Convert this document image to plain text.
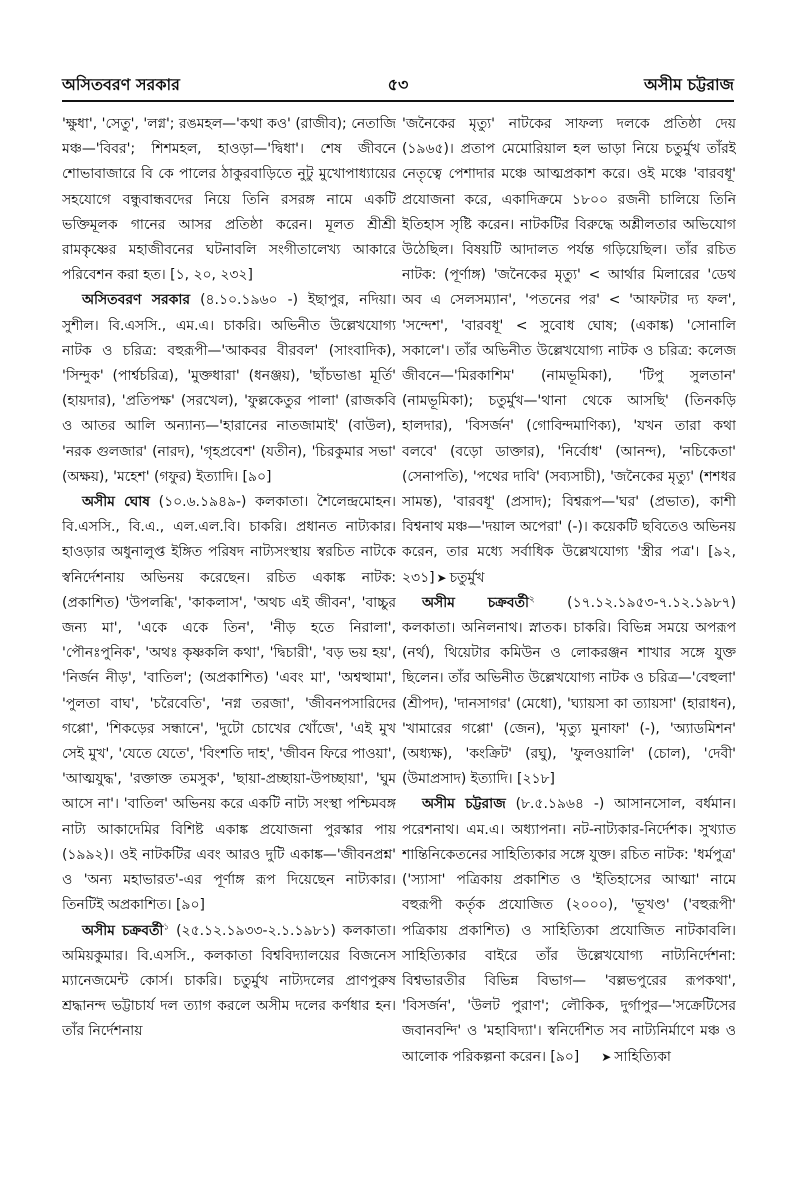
অসিতবরণ সরকার	৫৩	অসীম চট্টরাজ

'ক্ষুধা', 'সেতু', 'লগ্ন'; রঙমহল—'কথা কও' (রাজীব); নেতাজি মঞ্চ—'বিবর'; শিশমহল, হাওড়া—'দ্বিধা'। শেষ জীবনে শোভাবাজারে বি কে পালের ঠাকুরবাড়িতে নুটু মুখোপাধ্যায়ের সহযোগে বন্ধুবান্ধবদের নিয়ে তিনি রসরঙ্গ নামে একটি ভক্তিমূলক গানের আসর প্রতিষ্ঠা করেন। মূলত শ্রীশ্রী রামকৃষ্ণের মহাজীবনের ঘটনাবলি সংগীতালেখ্য আকারে পরিবেশন করা হত। [১, ২০, ২৩২]

অসিতবরণ সরকার (৪.১০.১৯৬০ -) ইছাপুর, নদিয়া। সুশীল। বি.এসসি., এম.এ। চাকরি। অভিনীত উল্লেখযোগ্য নাটক ও চরিত্র: বহুরূপী—'আকবর বীরবল' (সাংবাদিক), 'সিন্দুক' (পার্শ্বচরিত্র), 'মুক্তধারা' (ধনঞ্জয়), 'ছাঁচভাঙা মূর্তি' (হায়দার), 'প্রতিপক্ষ' (সরখেল), 'ফুল্লকেতুর পালা' (রাজকবি ও আতর আলি অন্যান্য—'হারানের নাতজামাই' (বাউল), 'নরক গুলজার' (নারদ), 'গৃহপ্রবেশ' (যতীন), 'চিরকুমার সভা' (অক্ষয়), 'মহেশ' (গফুর) ইত্যাদি। [৯০]

অসীম ঘোষ (১০.৬.১৯৪৯-) কলকাতা। শৈলেন্দ্রমোহন। বি.এসসি., বি.এ., এল.এল.বি। চাকরি। প্রধানত নাট্যকার। হাওড়ার অধুনালুপ্ত ইঙ্গিত পরিষদ নাট্যসংস্থায় স্বরচিত নাটকে স্বনির্দেশনায় অভিনয় করেছেন। রচিত একাঙ্ক নাটক: (প্রকাশিত) 'উপলব্ধি', 'কাকলাস', 'অথচ এই জীবন', 'বাচ্চুর জন্য মা', 'একে একে তিন', 'নীড় হতে নিরালা', 'পৌনঃপুনিক', 'অথঃ কৃষ্ণকলি কথা', 'দ্বিচারী', 'বড় ভয় হয়', 'নির্জন নীড়', 'বাতিল'; (অপ্রকাশিত) 'এবং মা', 'অশ্বত্থামা', 'পুলতা বাঘ', 'চরৈবেতি', 'নগ্ন তরজা', 'জীবনপসারিদের গপ্পো', 'শিকড়ের সন্ধানে', 'দুটো চোখের খোঁজে', 'এই মুখ সেই মুখ', 'যেতে যেতে', 'বিংশতি দাহ', 'জীবন ফিরে পাওয়া', 'আত্মযুদ্ধ', 'রক্তাক্ত তমসুক', 'ছায়া-প্রচ্ছায়া-উপচ্ছায়া', 'ঘুম আসে না'। 'বাতিল' অভিনয় করে একটি নাট্য সংস্থা পশ্চিমবঙ্গ নাট্য আকাদেমির বিশিষ্ট একাঙ্ক প্রযোজনা পুরস্কার পায় (১৯৯২)। ওই নাটকটির এবং আরও দুটি একাঙ্ক—'জীবনপ্রশ্ন' ও 'অন্য মহাভারত'-এর পূর্ণাঙ্গ রূপ দিয়েছেন নাট্যকার। তিনটিই অপ্রকাশিত। [৯০]

অসীম চক্রবর্তী$^১$ (২৫.১২.১৯৩৩-২.১.১৯৮১) কলকাতা। অমিয়কুমার। বি.এসসি., কলকাতা বিশ্ববিদ্যালয়ের বিজনেস ম্যানেজমেন্ট কোর্স। চাকরি। চতুর্মুখ নাট্যদলের প্রাণপুরুষ শ্রদ্ধানন্দ ভট্টাচার্য দল ত্যাগ করলে অসীম দলের কর্ণধার হন। তাঁর নির্দেশনায়

'জনৈকের মৃত্যু' নাটকের সাফল্য দলকে প্রতিষ্ঠা দেয় (১৯৬৫)। প্রতাপ মেমোরিয়াল হল ভাড়া নিয়ে চতুর্মুখ তাঁরই নেতৃত্বে পেশাদার মঞ্চে আত্মপ্রকাশ করে। ওই মঞ্চে 'বারবধূ' প্রযোজনা করে, একাদিক্রমে ১৮০০ রজনী চালিয়ে তিনি ইতিহাস সৃষ্টি করেন। নাটকটির বিরুদ্ধে অশ্লীলতার অভিযোগ উঠেছিল। বিষয়টি আদালত পর্যন্ত গড়িয়েছিল। তাঁর রচিত নাটক: (পূর্ণাঙ্গ) 'জনৈকের মৃত্যু' < আর্থার মিলারের 'ডেথ অব এ সেলসম্যান', 'পতনের পর' < 'আফটার দ্য ফল', 'সন্দেশ', 'বারবধূ' < সুবোধ ঘোষ; (একাঙ্ক) 'সোনালি সকালে'। তাঁর অভিনীত উল্লেখযোগ্য নাটক ও চরিত্র: কলেজ জীবনে—'মিরকাশিম' (নামভূমিকা), 'টিপু সুলতান' (নামভূমিকা); চতুর্মুখ—'থানা থেকে আসছি' (তিনকড়ি হালদার), 'বিসর্জন' (গোবিন্দমাণিক্য), 'যখন তারা কথা বলবে' (বড়ো ডাক্তার), 'নির্বোধ' (আনন্দ), 'নচিকেতা' (সেনাপতি), 'পথের দাবি' (সব্যসাচী), 'জনৈকের মৃত্যু' (শশধর সামন্ত), 'বারবধূ' (প্রসাদ); বিশ্বরূপ—'ঘর' (প্রভাত), কাশী বিশ্বনাথ মঞ্চ—'দয়াল অপেরা' (-)। কয়েকটি ছবিতেও অভিনয় করেন, তার মধ্যে সর্বাধিক উল্লেখযোগ্য 'স্ত্রীর পত্র'। [৯২, ২৩১] ➤ চতুর্মুখ

অসীম চক্রবর্তী$^২$ (১৭.১২.১৯৫৩-৭.১২.১৯৮৭) কলকাতা। অনিলনাথ। স্নাতক। চাকরি। বিভিন্ন সময়ে অপরূপ (নর্থ), থিয়েটার কমিউন ও লোকরঞ্জন শাখার সঙ্গে যুক্ত ছিলেন। তাঁর অভিনীত উল্লেখযোগ্য নাটক ও চরিত্র—'বেহুলা' (শ্রীপদ), 'দানসাগর' (মেধো), 'ঘ্যায়সা কা ত্যায়সা' (হারাধন), 'খামারের গপ্পো' (জেন), 'মৃত্যু মুনাফা' (-), 'অ্যাডমিশন' (অধ্যক্ষ), 'কংক্রিট' (রঘু), 'ফুলওয়ালি' (চোল), 'দেবী' (উমাপ্রসাদ) ইত্যাদি। [২১৮]

অসীম চট্টরাজ (৮.৫.১৯৬৪ -) আসানসোল, বর্ধমান। পরেশনাথ। এম.এ। অধ্যাপনা। নট-নাট্যকার-নির্দেশক। সুখ্যাত শান্তিনিকেতনের সাহিত্যিকার সঙ্গে যুক্ত। রচিত নাটক: 'ধর্মপুত্র' ('স্যাসা' পত্রিকায় প্রকাশিত ও 'ইতিহাসের আত্মা' নামে বহুরূপী কর্তৃক প্রযোজিত (২০০০), 'ভূখণ্ড' ('বহুরূপী' পত্রিকায় প্রকাশিত) ও সাহিত্যিকা প্রযোজিত নাটকাবলি। সাহিত্যিকার বাইরে তাঁর উল্লেখযোগ্য নাট্যনির্দেশনা: বিশ্বভারতীর বিভিন্ন বিভাগ— 'বল্লভপুরের রূপকথা', 'বিসর্জন', 'উলট পুরাণ'; লৌকিক, দুর্গাপুর—'সক্রেটিসের জবানবন্দি' ও 'মহাবিদ্যা'। স্বনির্দেশিত সব নাট্যনির্মাণে মঞ্চ ও আলোক পরিকল্পনা করেন। [৯০] ➤ সাহিত্যিকা
